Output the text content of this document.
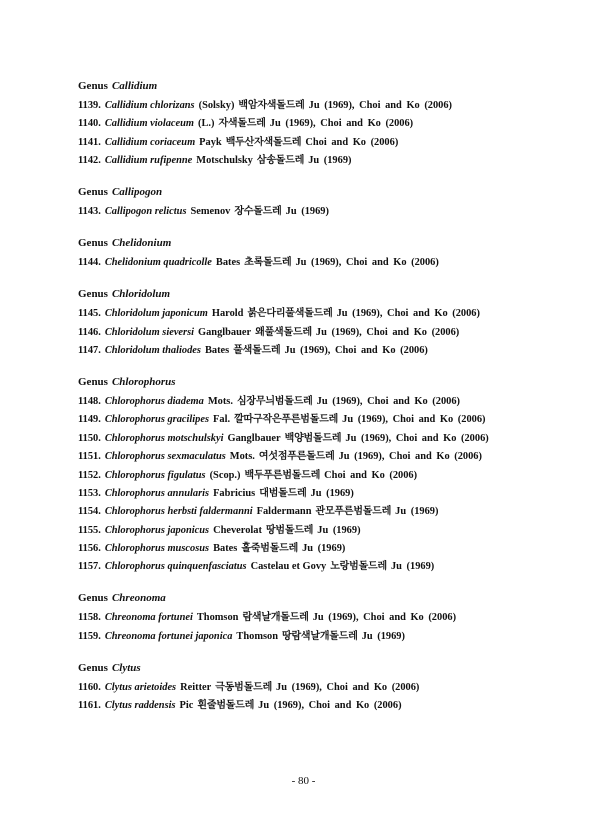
Genus Callidium
1139. Callidium chlorizans (Solsky) 백암자색돌드레 Ju (1969), Choi and Ko (2006)
1140. Callidium violaceum (L.) 자색돌드레 Ju (1969), Choi and Ko (2006)
1141. Callidium coriaceum Payk 백두산자색돌드레 Choi and Ko (2006)
1142. Callidium rufipenne Motschulsky 삼송돌드레 Ju (1969)
Genus Callipogon
1143. Callipogon relictus Semenov 장수돌드레 Ju (1969)
Genus Chelidonium
1144. Chelidonium quadricolle Bates 초록돌드레 Ju (1969), Choi and Ko (2006)
Genus Chloridolum
1145. Chloridolum japonicum Harold 붉은다리풀색돌드레 Ju (1969), Choi and Ko (2006)
1146. Chloridolum sieversi Ganglbauer 왜풀색돌드레 Ju (1969), Choi and Ko (2006)
1147. Chloridolum thaliodes Bates 풀색돌드레 Ju (1969), Choi and Ko (2006)
Genus Chlorophorus
1148. Chlorophorus diadema Mots. 심장무늬범돌드레 Ju (1969), Choi and Ko (2006)
1149. Chlorophorus gracilipes Fal. 깔따구작은푸른범돌드레 Ju (1969), Choi and Ko (2006)
1150. Chlorophorus motschulskyi Ganglbauer 백양범돌드레 Ju (1969), Choi and Ko (2006)
1151. Chlorophorus sexmaculatus Mots. 여섯점푸른돌드레 Ju (1969), Choi and Ko (2006)
1152. Chlorophorus figulatus (Scop.) 백두푸른범돌드레 Choi and Ko (2006)
1153. Chlorophorus annularis Fabricius 대범돌드레 Ju (1969)
1154. Chlorophorus herbsti faldermanni Faldermann 관모푸른범돌드레 Ju (1969)
1155. Chlorophorus japonicus Cheverolat 땅범돌드레 Ju (1969)
1156. Chlorophorus muscosus Bates 홀죽범돌드레 Ju (1969)
1157. Chlorophorus quinquenfasciatus Castelau et Govy 노랑범돌드레 Ju (1969)
Genus Chreonoma
1158. Chreonoma fortunei Thomson 람색날개돌드레 Ju (1969), Choi and Ko (2006)
1159. Chreonoma fortunei japonica Thomson 땅람색날개돌드레 Ju (1969)
Genus Clytus
1160. Clytus arietoides Reitter 극동범돌드레 Ju (1969), Choi and Ko (2006)
1161. Clytus raddensis Pic 흰줄범돌드레 Ju (1969), Choi and Ko (2006)
- 80 -
